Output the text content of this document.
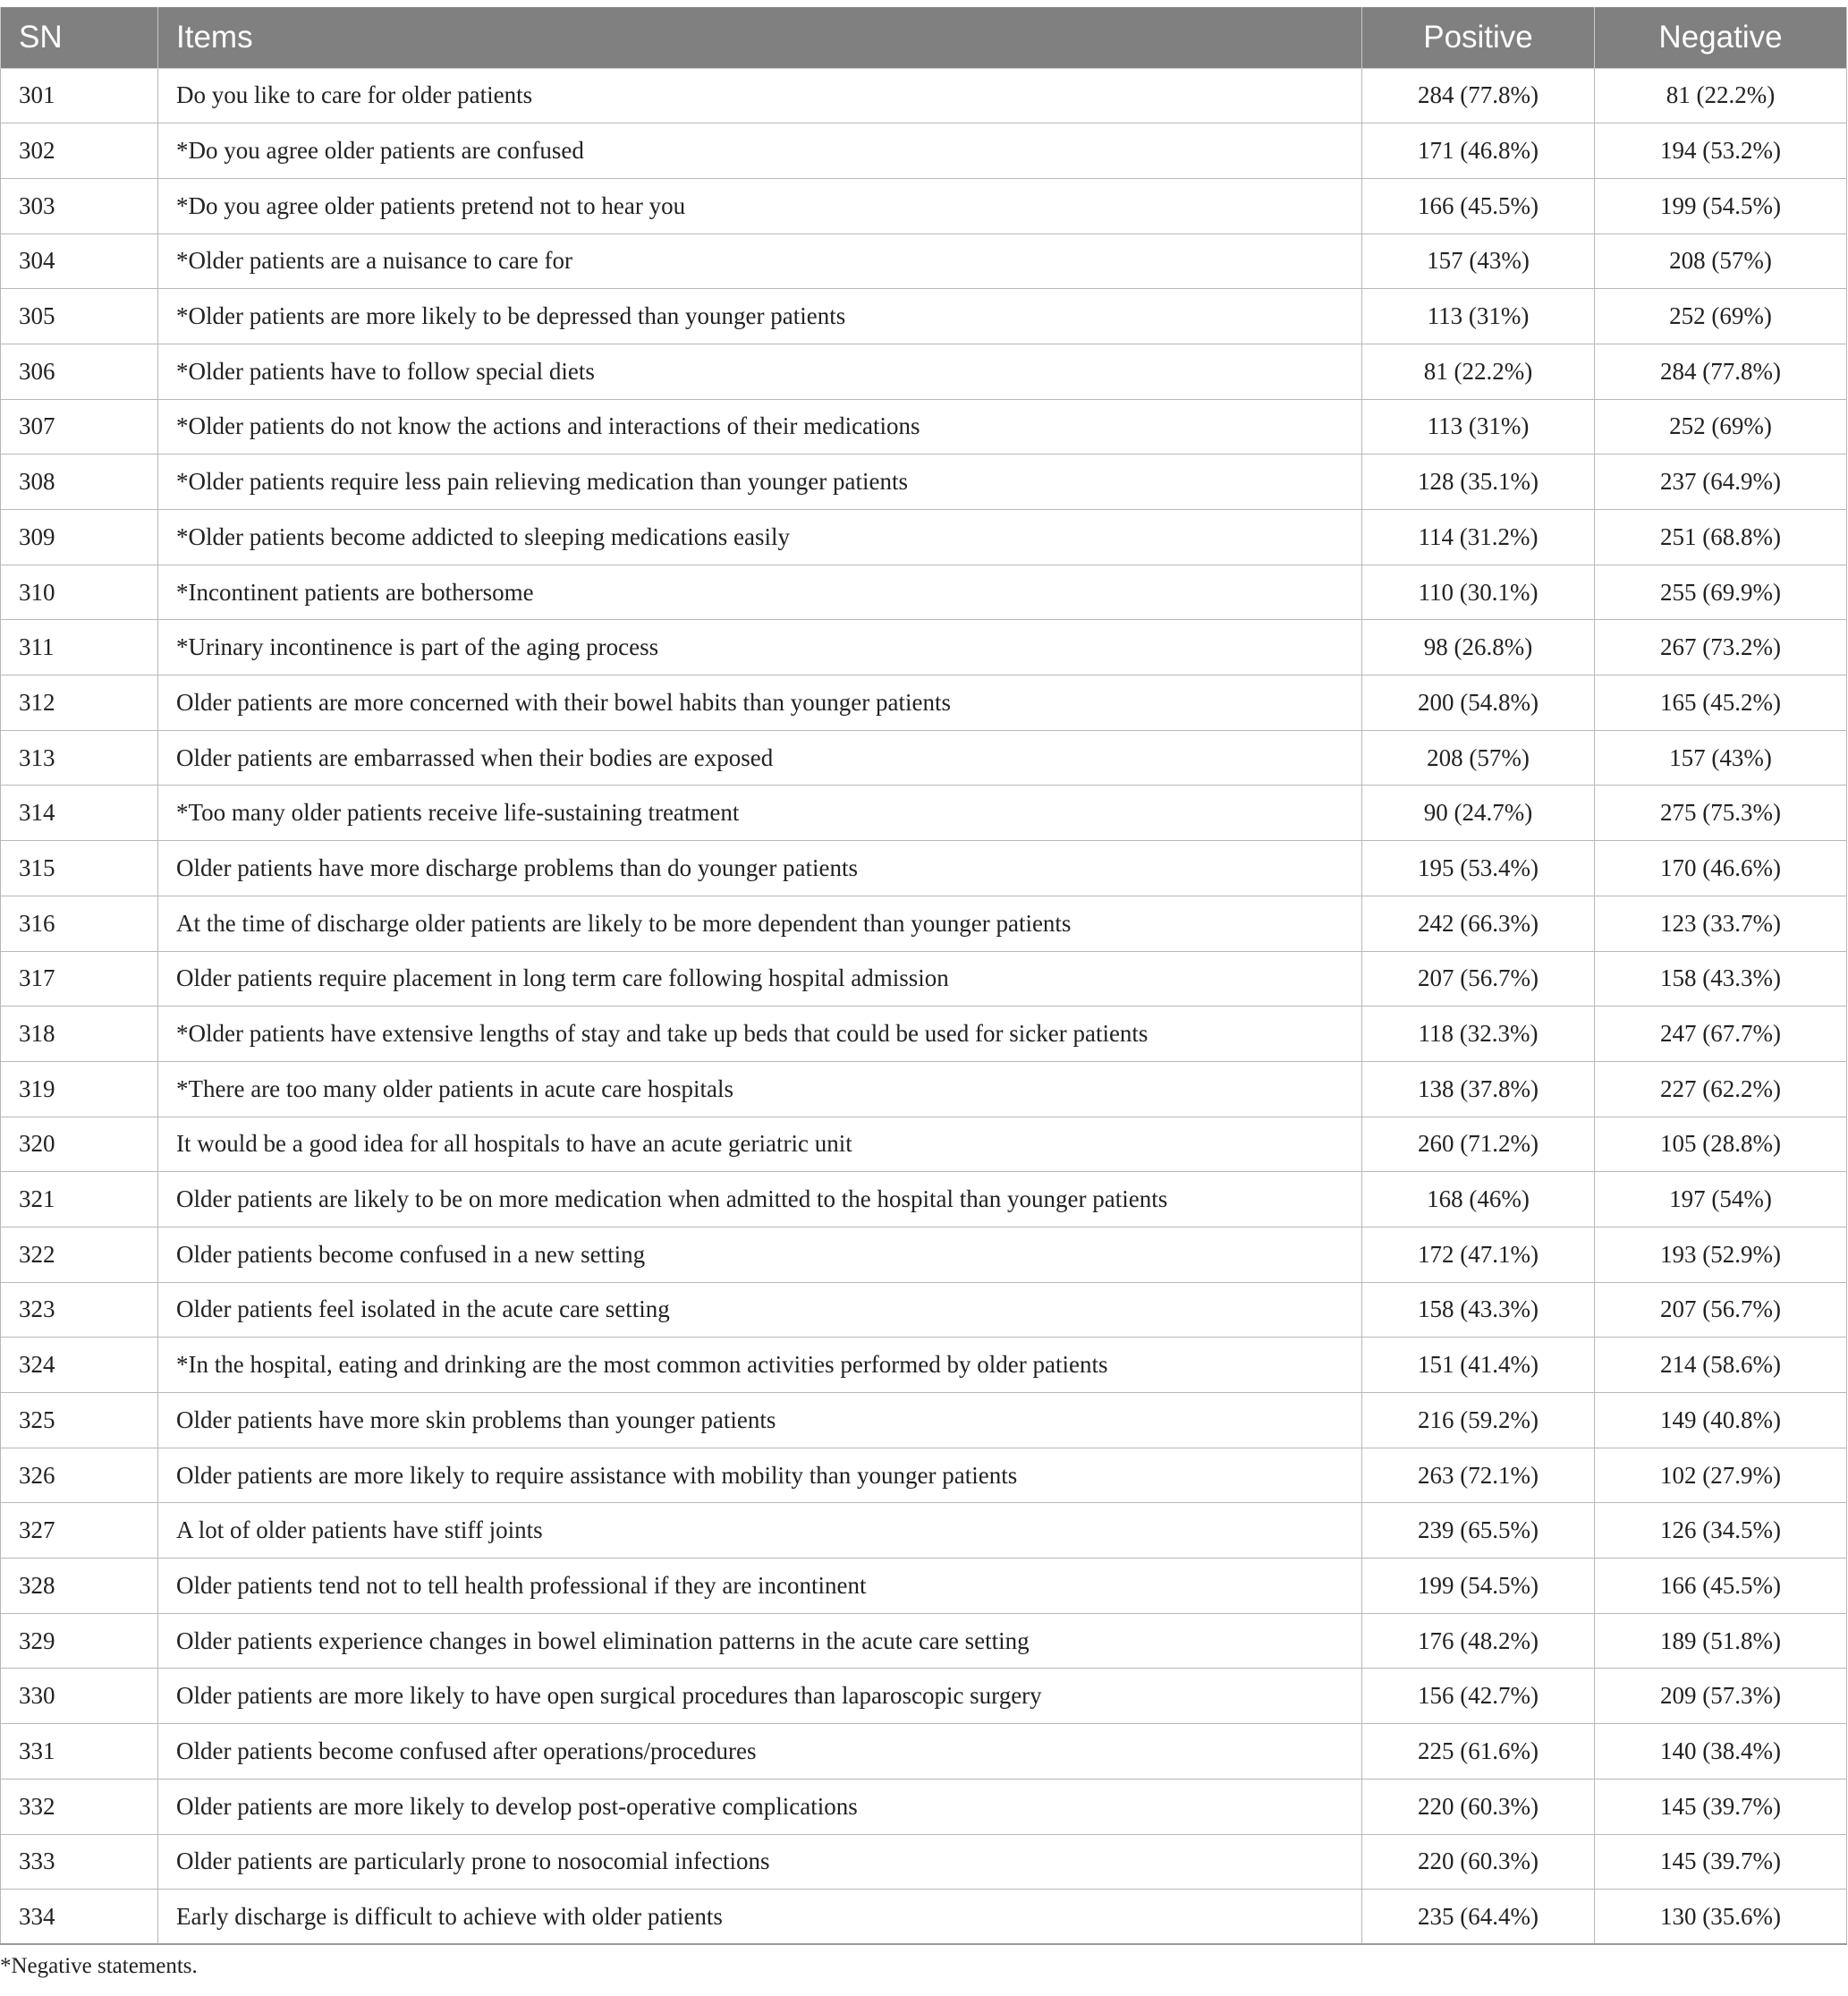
SN	Items	Positive	Negative
301	Do you like to care for older patients	284 (77.8%)	81 (22.2%)
302	*Do you agree older patients are confused	171 (46.8%)	194 (53.2%)
303	*Do you agree older patients pretend not to hear you	166 (45.5%)	199 (54.5%)
304	*Older patients are a nuisance to care for	157 (43%)	208 (57%)
305	*Older patients are more likely to be depressed than younger patients	113 (31%)	252 (69%)
306	*Older patients have to follow special diets	81 (22.2%)	284 (77.8%)
307	*Older patients do not know the actions and interactions of their medications	113 (31%)	252 (69%)
308	*Older patients require less pain relieving medication than younger patients	128 (35.1%)	237 (64.9%)
309	*Older patients become addicted to sleeping medications easily	114 (31.2%)	251 (68.8%)
310	*Incontinent patients are bothersome	110 (30.1%)	255 (69.9%)
311	*Urinary incontinence is part of the aging process	98 (26.8%)	267 (73.2%)
312	Older patients are more concerned with their bowel habits than younger patients	200 (54.8%)	165 (45.2%)
313	Older patients are embarrassed when their bodies are exposed	208 (57%)	157 (43%)
314	*Too many older patients receive life-sustaining treatment	90 (24.7%)	275 (75.3%)
315	Older patients have more discharge problems than do younger patients	195 (53.4%)	170 (46.6%)
316	At the time of discharge older patients are likely to be more dependent than younger patients	242 (66.3%)	123 (33.7%)
317	Older patients require placement in long term care following hospital admission	207 (56.7%)	158 (43.3%)
318	*Older patients have extensive lengths of stay and take up beds that could be used for sicker patients	118 (32.3%)	247 (67.7%)
319	*There are too many older patients in acute care hospitals	138 (37.8%)	227 (62.2%)
320	It would be a good idea for all hospitals to have an acute geriatric unit	260 (71.2%)	105 (28.8%)
321	Older patients are likely to be on more medication when admitted to the hospital than younger patients	168 (46%)	197 (54%)
322	Older patients become confused in a new setting	172 (47.1%)	193 (52.9%)
323	Older patients feel isolated in the acute care setting	158 (43.3%)	207 (56.7%)
324	*In the hospital, eating and drinking are the most common activities performed by older patients	151 (41.4%)	214 (58.6%)
325	Older patients have more skin problems than younger patients	216 (59.2%)	149 (40.8%)
326	Older patients are more likely to require assistance with mobility than younger patients	263 (72.1%)	102 (27.9%)
327	A lot of older patients have stiff joints	239 (65.5%)	126 (34.5%)
328	Older patients tend not to tell health professional if they are incontinent	199 (54.5%)	166 (45.5%)
329	Older patients experience changes in bowel elimination patterns in the acute care setting	176 (48.2%)	189 (51.8%)
330	Older patients are more likely to have open surgical procedures than laparoscopic surgery	156 (42.7%)	209 (57.3%)
331	Older patients become confused after operations/procedures	225 (61.6%)	140 (38.4%)
332	Older patients are more likely to develop post-operative complications	220 (60.3%)	145 (39.7%)
333	Older patients are particularly prone to nosocomial infections	220 (60.3%)	145 (39.7%)
334	Early discharge is difficult to achieve with older patients	235 (64.4%)	130 (35.6%)
*Negative statements.
